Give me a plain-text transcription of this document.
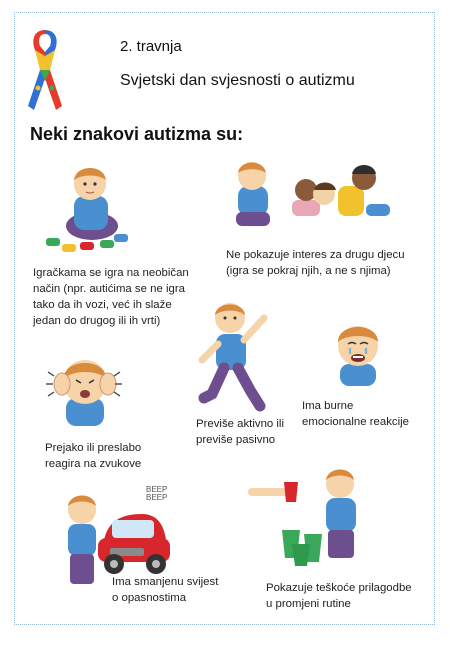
2. travnja
Svjetski dan svjesnosti o autizmu
Neki znakovi autizma su:
Igračkama se igra na neobičan
način (npr. autićima se ne igra
tako da ih vozi, već ih slaže
jedan do drugog ili ih vrti)
Ne pokazuje interes za drugu djecu
(igra se pokraj njih, a ne s njima)
Prejako ili preslabo
reagira na zvukove
Previše aktivno ili
previše pasivno
Ima burne
emocionalne reakcije
BEEP
BEEP
Ima smanjenu svijest
o opasnostima
Pokazuje teškoće prilagodbe
u promjeni rutine
